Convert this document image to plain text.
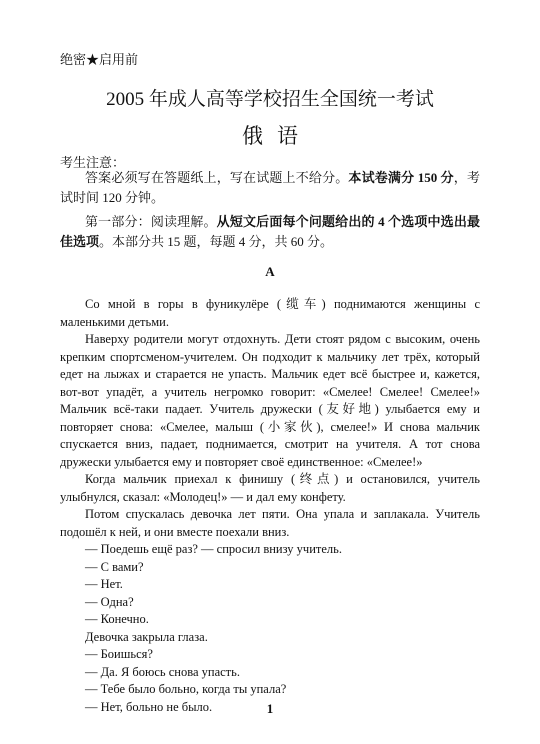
绝密★启用前
2005 年成人高等学校招生全国统一考试
俄语
考生注意：
答案必须写在答题纸上，写在试题上不给分。本试卷满分 150 分，考试时间 120 分钟。
第一部分：阅读理解。从短文后面每个问题给出的 4 个选项中选出最佳选项。本部分共 15 题，每题 4 分，共 60 分。
A
Со мной в горы в фуникулёре (缆车) поднимаются женщины с маленькими детьми.
Наверху родители могут отдохнуть. Дети стоят рядом с высоким, очень крепким спортсменом-учителем. Он подходит к мальчику лет трёх, который едет на лыжах и старается не упасть. Мальчик едет всё быстрее и, кажется, вот-вот упадёт, а учитель негромко говорит: «Смелее! Смелее! Смелее!» Мальчик всё-таки падает. Учитель дружески (友好地) улыбается ему и повторяет снова: «Смелее, малыш (小家伙), смелее!» И снова мальчик спускается вниз, падает, поднимается, смотрит на учителя. А тот снова дружески улыбается ему и повторяет своё единственное: «Смелее!»
Когда мальчик приехал к финишу (终点) и остановился, учитель улыбнулся, сказал: «Молодец!» — и дал ему конфету.
Потом спускалась девочка лет пяти. Она упала и заплакала. Учитель подошёл к ней, и они вместе поехали вниз.
— Поедешь ещё раз? — спросил внизу учитель.
— С вами?
— Нет.
— Одна?
— Конечно.
Девочка закрыла глаза.
— Боишься?
— Да. Я боюсь снова упасть.
— Тебе было больно, когда ты упала?
— Нет, больно не было.	1
